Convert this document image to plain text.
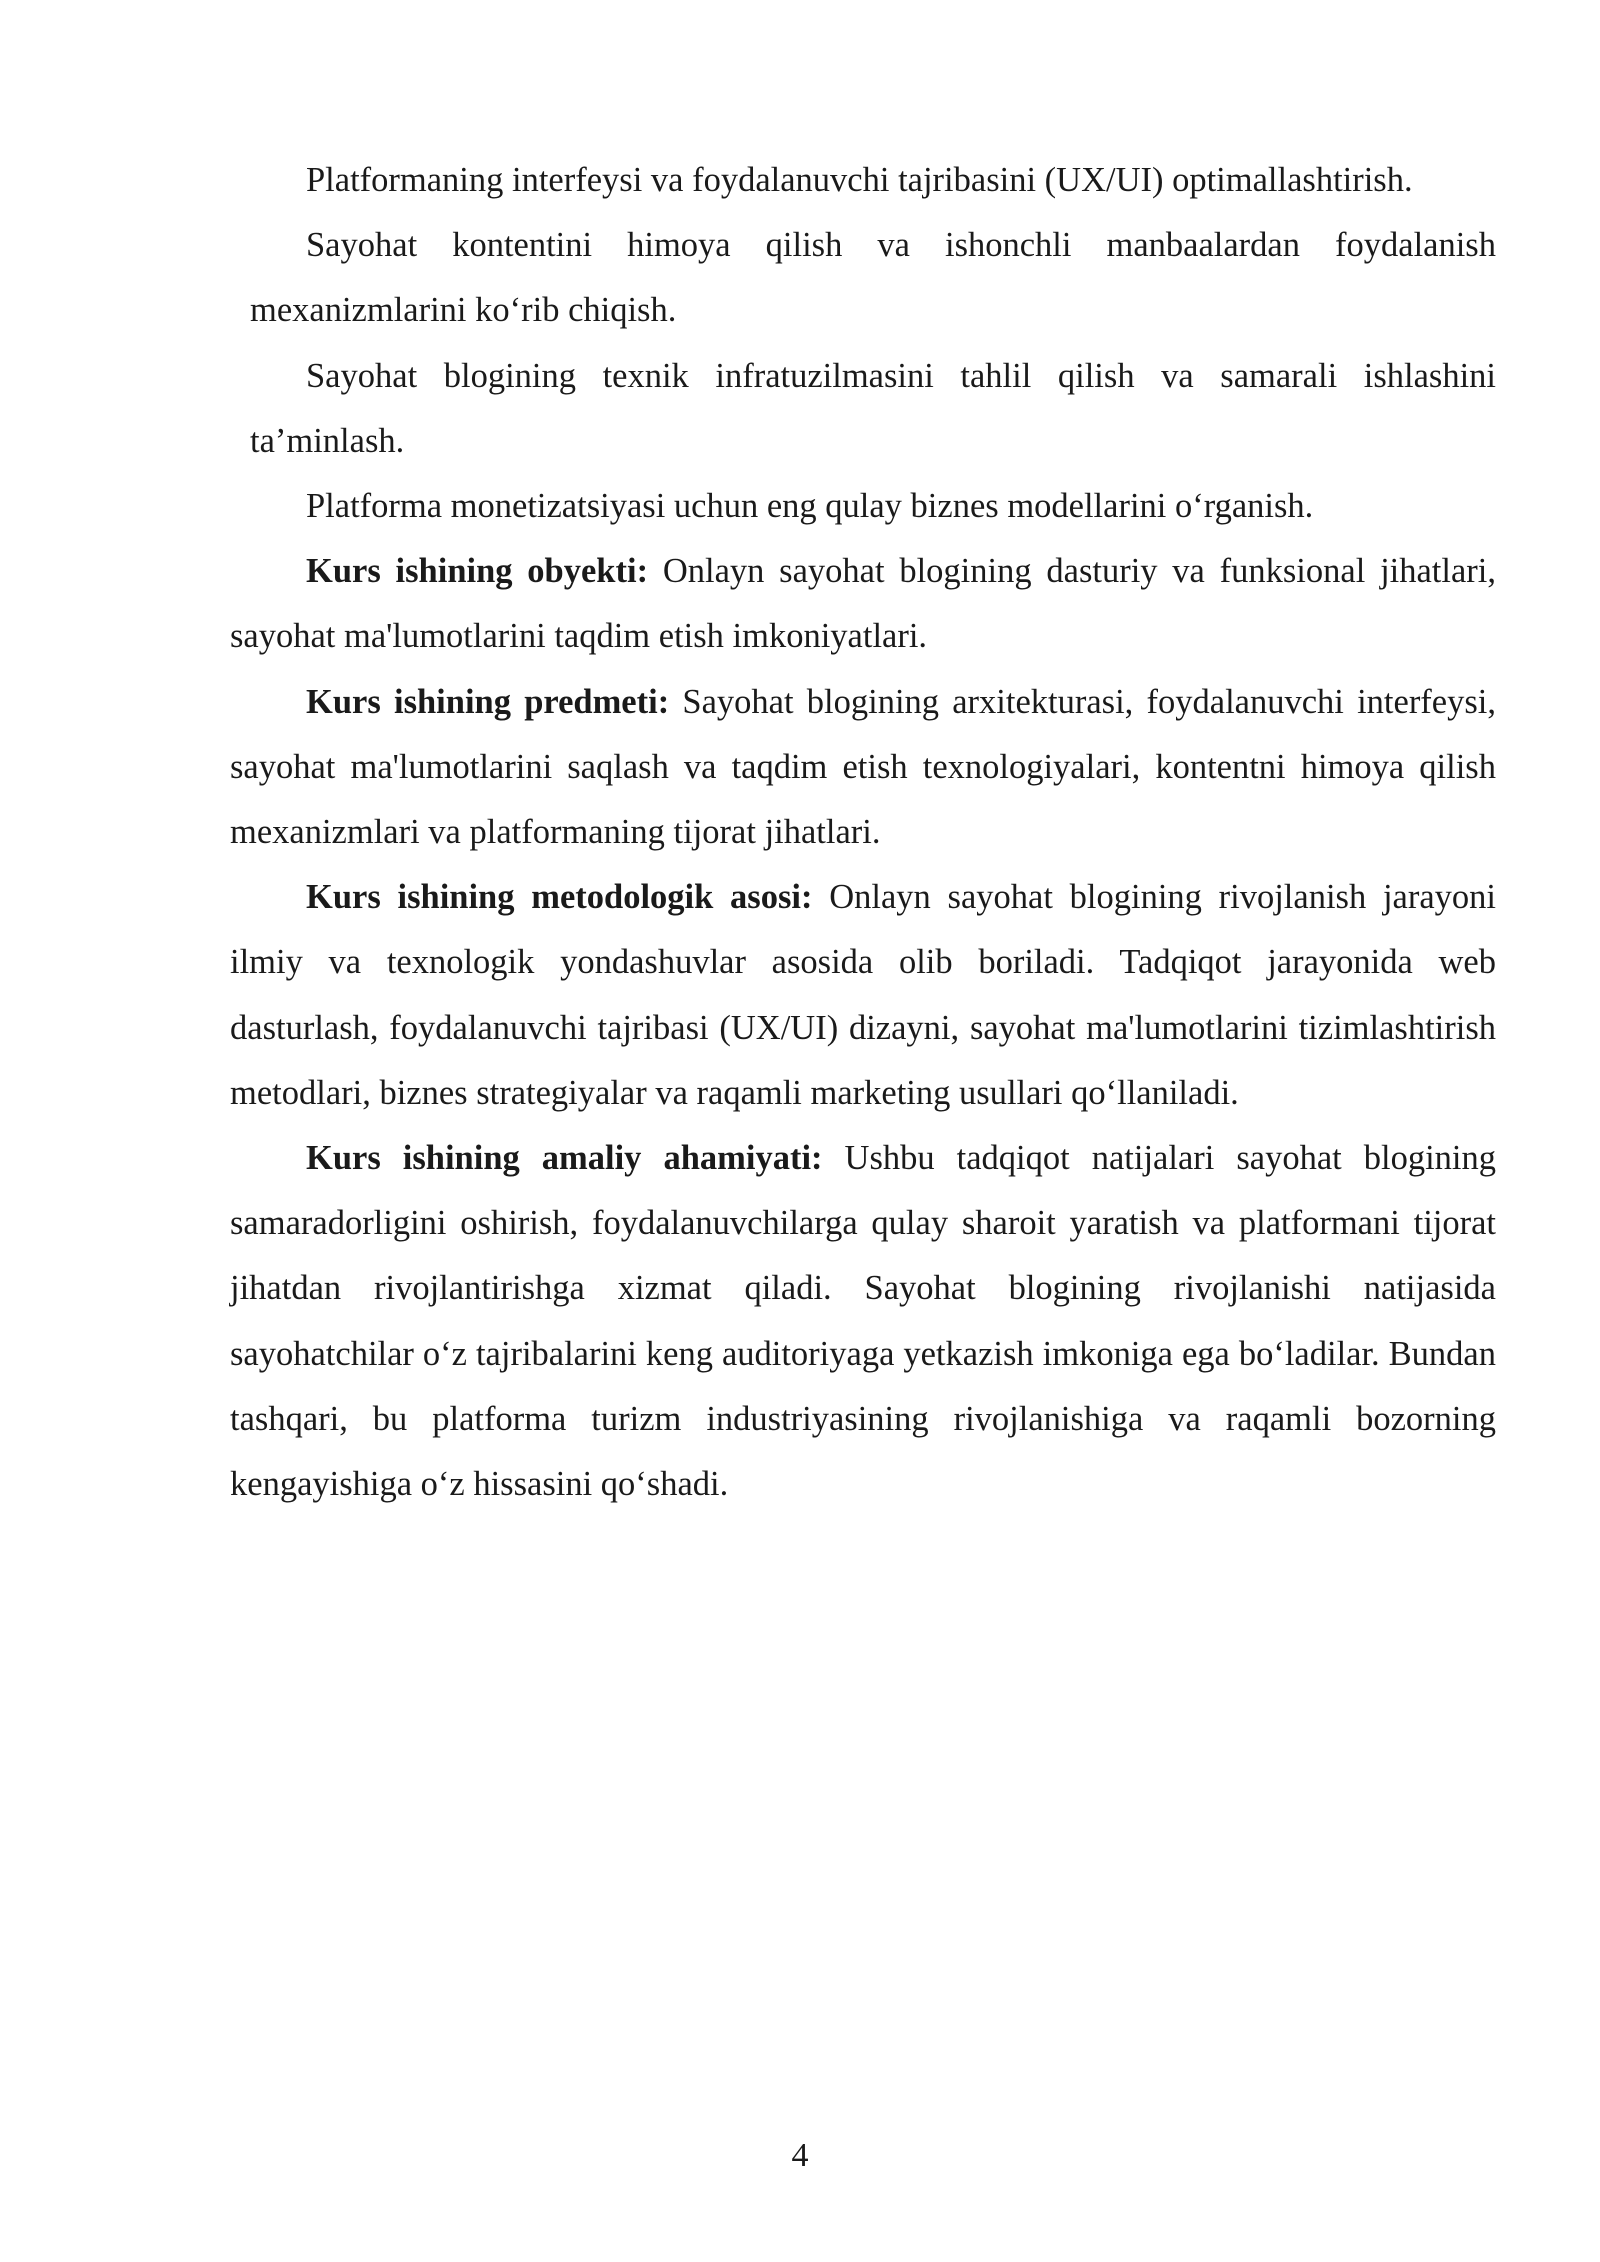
Platformaning interfeysi va foydalanuvchi tajribasini (UX/UI) optimallashtirish.

Sayohat kontentini himoya qilish va ishonchli manbaalardan foydalanish mexanizmlarini ko‘rib chiqish.

Sayohat blogining texnik infratuzilmasini tahlil qilish va samarali ishlashini ta’minlash.

Platforma monetizatsiyasi uchun eng qulay biznes modellarini o‘rganish.

Kurs ishining obyekti: Onlayn sayohat blogining dasturiy va funksional jihatlari, sayohat ma'lumotlarini taqdim etish imkoniyatlari.

Kurs ishining predmeti: Sayohat blogining arxitekturasi, foydalanuvchi interfeysi, sayohat ma'lumotlarini saqlash va taqdim etish texnologiyalari, kontentni himoya qilish mexanizmlari va platformaning tijorat jihatlari.

Kurs ishining metodologik asosi: Onlayn sayohat blogining rivojlanish jarayoni ilmiy va texnologik yondashuvlar asosida olib boriladi. Tadqiqot jarayonida web dasturlash, foydalanuvchi tajribasi (UX/UI) dizayni, sayohat ma'lumotlarini tizimlashtirish metodlari, biznes strategiyalar va raqamli marketing usullari qo‘llaniladi.

Kurs ishining amaliy ahamiyati: Ushbu tadqiqot natijalari sayohat blogining samaradorligini oshirish, foydalanuvchilarga qulay sharoit yaratish va platformani tijorat jihatdan rivojlantirishga xizmat qiladi. Sayohat blogining rivojlanishi natijasida sayohatchilar o‘z tajribalarini keng auditoriyaga yetkazish imkoniga ega bo‘ladilar. Bundan tashqari, bu platforma turizm industriyasining rivojlanishiga va raqamli bozorning kengayishiga o‘z hissasini qo‘shadi.

4
